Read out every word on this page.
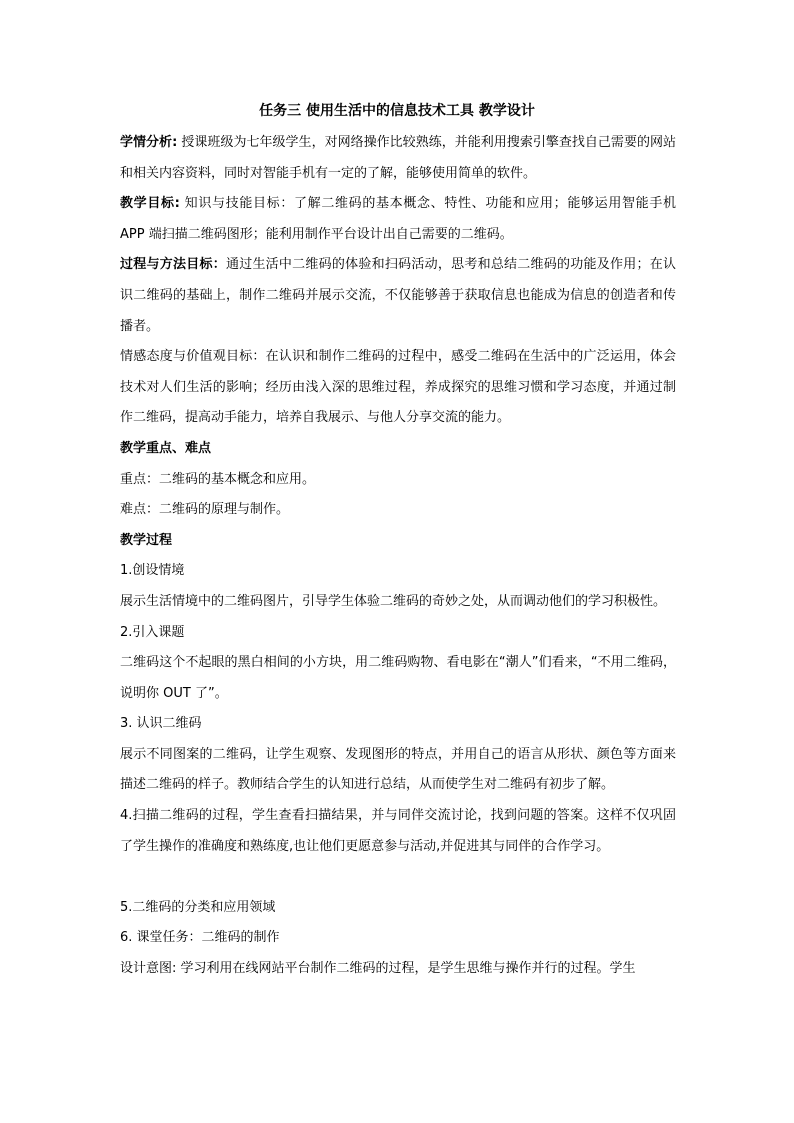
任务三 使用生活中的信息技术工具 教学设计

学情分析: 授课班级为七年级学生，对网络操作比较熟练，并能利用搜索引擎查找自己需要的网站和相关内容资料，同时对智能手机有一定的了解，能够使用简单的软件。

教学目标: 知识与技能目标：了解二维码的基本概念、特性、功能和应用；能够运用智能手机 APP 端扫描二维码图形；能利用制作平台设计出自己需要的二维码。

过程与方法目标：通过生活中二维码的体验和扫码活动，思考和总结二维码的功能及作用；在认识二维码的基础上，制作二维码并展示交流，不仅能够善于获取信息也能成为信息的创造者和传播者。

情感态度与价值观目标：在认识和制作二维码的过程中，感受二维码在生活中的广泛运用，体会技术对人们生活的影响；经历由浅入深的思维过程，养成探究的思维习惯和学习态度，并通过制作二维码，提高动手能力，培养自我展示、与他人分享交流的能力。

教学重点、难点

重点：二维码的基本概念和应用。

难点：二维码的原理与制作。

教学过程

1.创设情境

展示生活情境中的二维码图片，引导学生体验二维码的奇妙之处，从而调动他们的学习积极性。

2.引入课题

二维码这个不起眼的黑白相间的小方块，用二维码购物、看电影在“潮人”们看来，“不用二维码，说明你 OUT 了”。

3. 认识二维码

展示不同图案的二维码，让学生观察、发现图形的特点，并用自己的语言从形状、颜色等方面来描述二维码的样子。教师结合学生的认知进行总结，从而使学生对二维码有初步了解。

4.扫描二维码的过程，学生查看扫描结果，并与同伴交流讨论，找到问题的答案。这样不仅巩固了学生操作的准确度和熟练度,也让他们更愿意参与活动,并促进其与同伴的合作学习。

5.二维码的分类和应用领域

6. 课堂任务：二维码的制作

设计意图: 学习利用在线网站平台制作二维码的过程，是学生思维与操作并行的过程。学生
